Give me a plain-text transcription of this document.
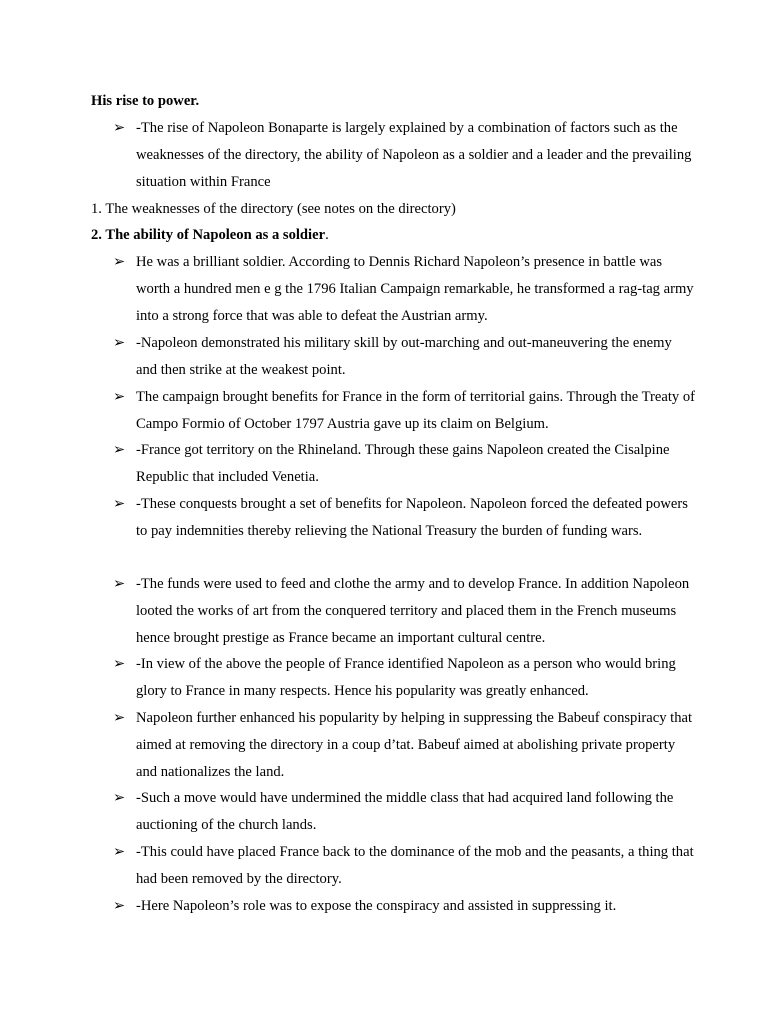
His rise to power.

➢ -The rise of Napoleon Bonaparte is largely explained by a combination of factors such as the weaknesses of the directory, the ability of Napoleon as a soldier and a leader and the prevailing situation within France

1. The weaknesses of the directory (see notes on the directory)

2. The ability of Napoleon as a soldier.

➢ He was a brilliant soldier. According to Dennis Richard Napoleon’s presence in battle was worth a hundred men e g the 1796 Italian Campaign remarkable, he transformed a rag-tag army into a strong force that was able to defeat the Austrian army.

➢ -Napoleon demonstrated his military skill by out-marching and out-maneuvering the enemy and then strike at the weakest point.

➢ The campaign brought benefits for France in the form of territorial gains. Through the Treaty of Campo Formio of October 1797 Austria gave up its claim on Belgium.

➢ -France got territory on the Rhineland. Through these gains Napoleon created the Cisalpine Republic that included Venetia.

➢ -These conquests brought a set of benefits for Napoleon. Napoleon forced the defeated powers to pay indemnities thereby relieving the National Treasury the burden of funding wars.

➢ -The funds were used to feed and clothe the army and to develop France. In addition Napoleon looted the works of art from the conquered territory and placed them in the French museums hence brought prestige as France became an important cultural centre.

➢ -In view of the above the people of France identified Napoleon as a person who would bring glory to France in many respects. Hence his popularity was greatly enhanced.

➢ Napoleon further enhanced his popularity by helping in suppressing the Babeuf conspiracy that aimed at removing the directory in a coup d’tat. Babeuf aimed at abolishing private property and nationalizes the land.

➢ -Such a move would have undermined the middle class that had acquired land following the auctioning of the church lands.

➢ -This could have placed France back to the dominance of the mob and the peasants, a thing that had been removed by the directory.

➢ -Here Napoleon’s role was to expose the conspiracy and assisted in suppressing it.
